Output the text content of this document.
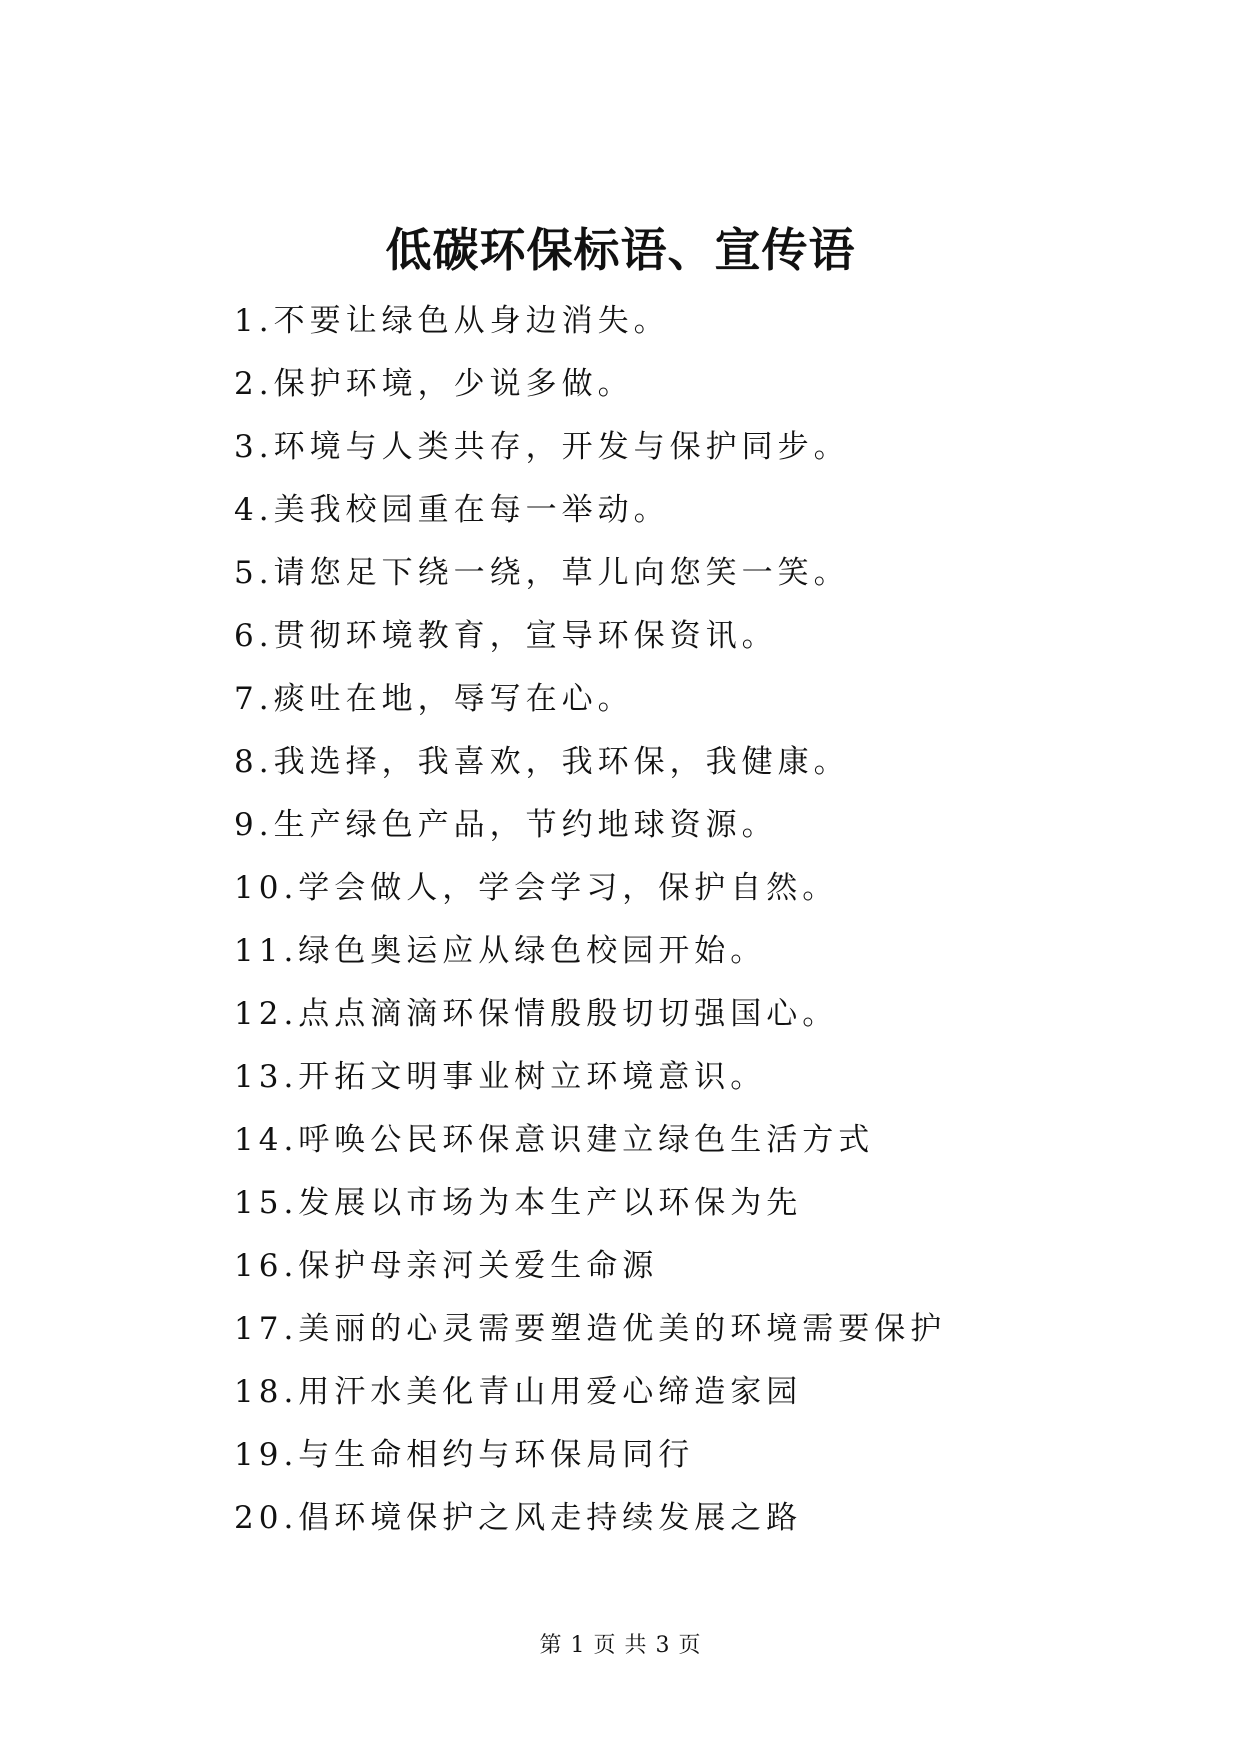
低碳环保标语、宣传语
1.不要让绿色从身边消失。
2.保护环境，少说多做。
3.环境与人类共存，开发与保护同步。
4.美我校园重在每一举动。
5.请您足下绕一绕，草儿向您笑一笑。
6.贯彻环境教育，宣导环保资讯。
7.痰吐在地，辱写在心。
8.我选择，我喜欢，我环保，我健康。
9.生产绿色产品，节约地球资源。
10.学会做人，学会学习，保护自然。
11.绿色奥运应从绿色校园开始。
12.点点滴滴环保情殷殷切切强国心。
13.开拓文明事业树立环境意识。
14.呼唤公民环保意识建立绿色生活方式
15.发展以市场为本生产以环保为先
16.保护母亲河关爱生命源
17.美丽的心灵需要塑造优美的环境需要保护
18.用汗水美化青山用爱心缔造家园
19.与生命相约与环保局同行
20.倡环境保护之风走持续发展之路
第 1 页 共 3 页
